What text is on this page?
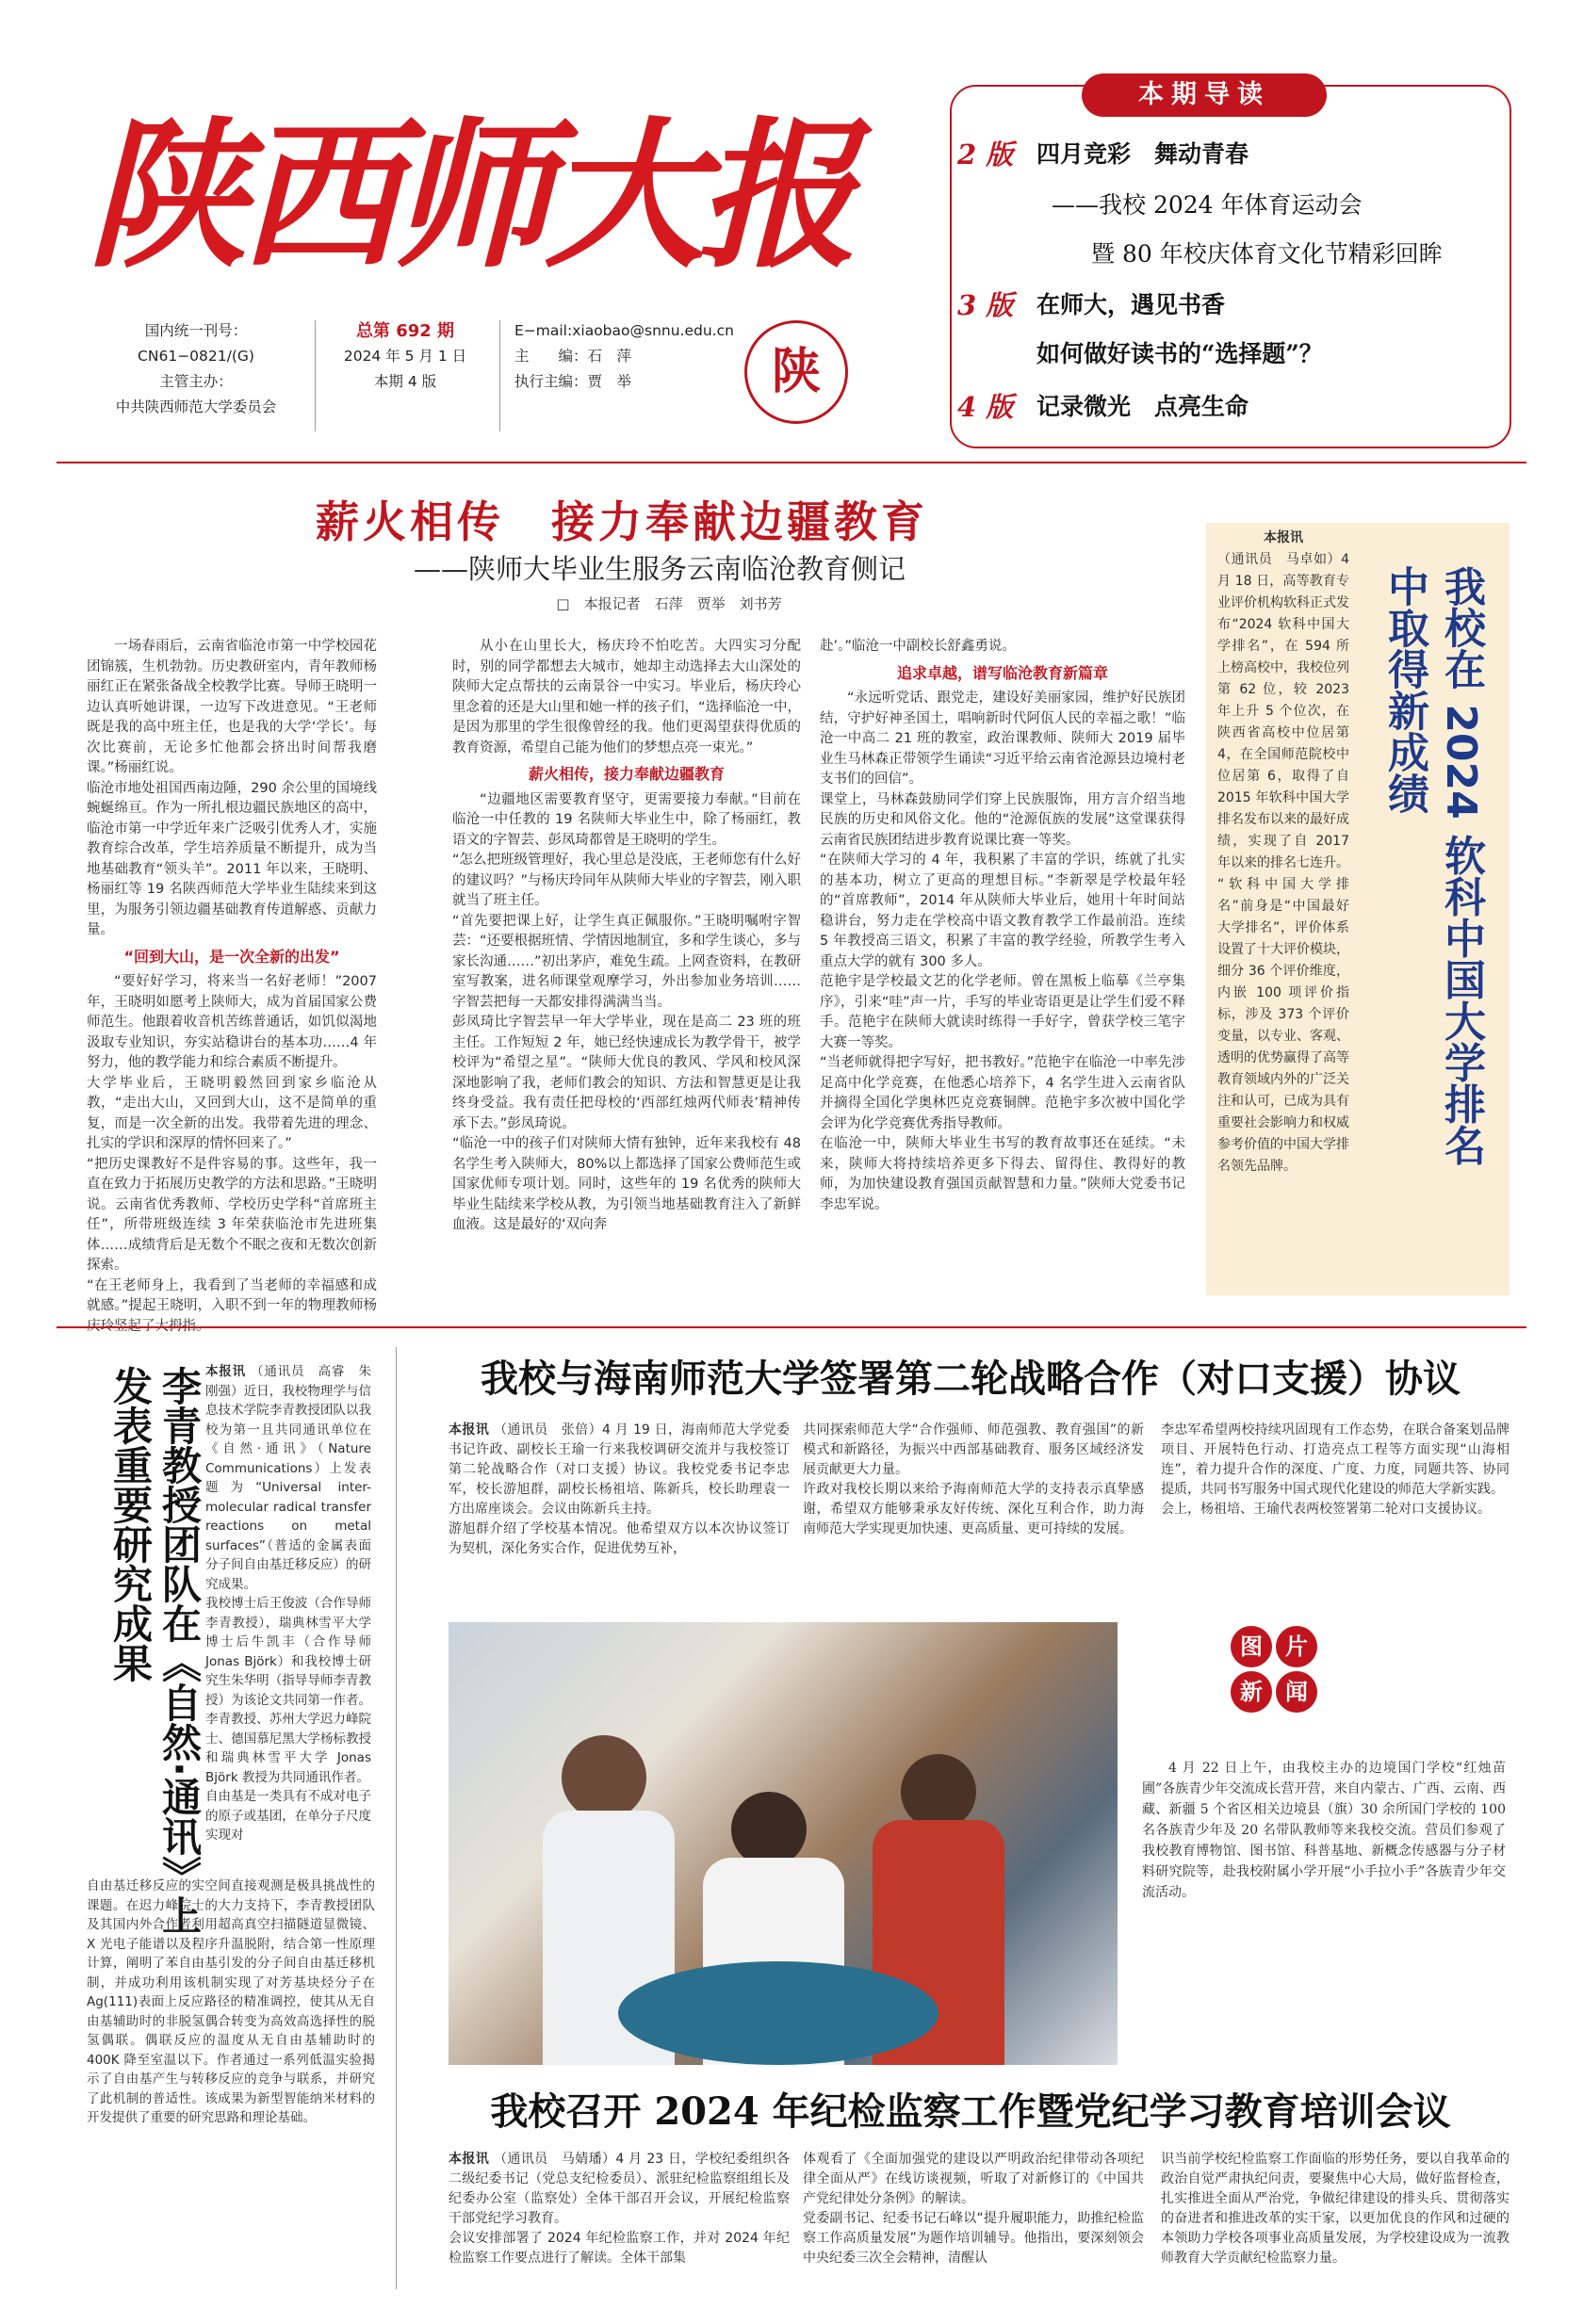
陕西师大报
国内统一刊号：
CN61−0821/(G)
主管主办：
中共陕西师范大学委员会
总第 692 期
2024 年 5 月 1 日
本期 4 版
E−mail:xiaobao@snnu.edu.cn
主　　编：石　萍
执行主编：贾　举	陕
本期导读
2 版 四月竞彩　舞动青春
——我校 2024 年体育运动会
暨 80 年校庆体育文化节精彩回眸
3 版 在师大，遇见书香
如何做好读书的“选择题”？
4 版 记录微光　点亮生命
薪火相传　接力奉献边疆教育
——陕师大毕业生服务云南临沧教育侧记
□　本报记者　石萍　贾举　刘书芳

一场春雨后，云南省临沧市第一中学校园花团锦簇，生机勃勃。历史教研室内，青年教师杨丽红正在紧张备战全校教学比赛。导师王晓明一边认真听她讲课，一边写下改进意见。“王老师既是我的高中班主任，也是我的大学‘学长’。每次比赛前，无论多忙他都会挤出时间帮我磨课。”杨丽红说。
临沧市地处祖国西南边陲，290 余公里的国境线蜿蜒绵亘。作为一所扎根边疆民族地区的高中，临沧市第一中学近年来广泛吸引优秀人才，实施教育综合改革，学生培养质量不断提升，成为当地基础教育“领头羊”。2011 年以来，王晓明、杨丽红等 19 名陕西师范大学毕业生陆续来到这里，为服务引领边疆基础教育传道解惑、贡献力量。

“回到大山，是一次全新的出发”

“要好好学习，将来当一名好老师！”2007 年，王晓明如愿考上陕师大，成为首届国家公费师范生。他跟着收音机苦练普通话，如饥似渴地汲取专业知识，夯实站稳讲台的基本功……4 年努力，他的教学能力和综合素质不断提升。
大学毕业后，王晓明毅然回到家乡临沧从教，“走出大山，又回到大山，这不是简单的重复，而是一次全新的出发。我带着先进的理念、扎实的学识和深厚的情怀回来了。”
“把历史课教好不是件容易的事。这些年，我一直在致力于拓展历史教学的方法和思路。”王晓明说。云南省优秀教师、学校历史学科“首席班主任”，所带班级连续 3 年荣获临沧市先进班集体……成绩背后是无数个不眠之夜和无数次创新探索。
“在王老师身上，我看到了当老师的幸福感和成就感。”提起王晓明，入职不到一年的物理教师杨

从小在山里长大，杨庆玲不怕吃苦。大四实习分配时，别的同学都想去大城市，她却主动选择去大山深处的陕师大定点帮扶的云南景谷一中实习。毕业后，杨庆玲心里念着的还是大山里和她一样的孩子们，“选择临沧一中，是因为那里的学生很像曾经的我。他们更渴望获得优质的教育资源，希望自己能为他们的梦想点亮一束光。”

薪火相传，接力奉献边疆教育

“边疆地区需要教育坚守，更需要接力奉献。”目前在临沧一中任教的 19 名陕师大毕业生中，除了杨丽红，教语文的字智芸、彭凤琦都曾是王晓明的学生。
“怎么把班级管理好，我心里总是没底，王老师您有什么好的建议吗？”与杨庆玲同年从陕师大毕业的字智芸，刚入职就当了班主任。
“首先要把课上好，让学生真正佩服你。”王晓明嘱咐字智芸：“还要根据班情、学情因地制宜，多和学生谈心，多与家长沟通……”初出茅庐，难免生疏。上网查资料，在教研室写教案，进名师课堂观摩学习，外出参加业务培训……字智芸把每一天都安排得满满当当。
彭凤琦比字智芸早一年大学毕业，现在是高二 23 班的班主任。工作短短 2 年，她已经快速成长为教学骨干，被学校评为“希望之星”。“陕师大优良的教风、学风和校风深深地影响了我，老师们教会的知识、方法和智慧更是让我终身受益。我有责任把母校的‘西部红烛两代师表’精神传承下去。”彭凤琦说。
“临沧一中的孩子们对陕师大情有独钟，近年来我校有 48 名学生考入陕师大，80%以上都选择了国家公费师范生或国家优师专项计划。同时，这些年的 19 名优秀的陕师大毕业生陆续来学校从教，为引领当地基础教育注入了新鲜血液。这是最好的‘双向奔

赴’。”临沧一中副校长舒鑫勇说。

追求卓越，谱写临沧教育新篇章

“永远听党话、跟党走，建设好美丽家园，维护好民族团结，守护好神圣国土，唱响新时代阿佤人民的幸福之歌！”临沧一中高二 21 班的教室，政治课教师、陕师大 2019 届毕业生马林森正带领学生诵读“习近平给云南省沧源县边境村老支书们的回信”。
课堂上，马林森鼓励同学们穿上民族服饰，用方言介绍当地民族的历史和风俗文化。他的“沧源佤族的发展”这堂课获得云南省民族团结进步教育说课比赛一等奖。
“在陕师大学习的 4 年，我积累了丰富的学识，练就了扎实的基本功，树立了更高的理想目标。”李新翠是学校最年轻的“首席教师”，2014 年从陕师大毕业后，她用十年时间站稳讲台，努力走在学校高中语文教育教学工作最前沿。连续 5 年教授高三语文，积累了丰富的教学经验，所教学生考入重点大学的就有 300 多人。
范艳宇是学校最文艺的化学老师。曾在黑板上临摹《兰亭集序》，引来“哇”声一片，手写的毕业寄语更是让学生们爱不释手。范艳宇在陕师大就读时练得一手好字，曾获学校三笔字大赛一等奖。
“当老师就得把字写好，把书教好。”范艳宇在临沧一中率先涉足高中化学竞赛，在他悉心培养下，4 名学生进入云南省队并摘得全国化学奥林匹克竞赛铜牌。范艳宇多次被中国化学会评为化学竞赛优秀指导教师。
在临沧一中，陕师大毕业生书写的教育故事还在延续。“未来，陕师大将持续培养更多下得去、留得住、教得好的教师，为加快建设教育强国贡献智慧和力量。”陕师大党委书记李忠军说。

本报讯

（通讯员　马卓如）4 月 18 日，高等教育专业评价机构软科正式发布“2024 软科中国大学排名”，在 594 所上榜高校中，我校位列第 62 位，较 2023 年上升 5 个位次，在陕西省高校中位居第 4，在全国师范院校中位居第 6，取得了自 2015 年软科中国大学排名发布以来的最好成绩，实现了自 2017 年以来的排名七连升。
“软科中国大学排名”前身是“中国最好大学排名”，评价体系设置了十大评价模块，细分 36 个评价维度，内嵌 100 项评价指标，涉及 373 个评价变量，以专业、客观、透明的优势赢得了高等教育领域内外的广泛关注和认可，已成为具有重要社会影响力和权威参考价值的中国大学排名领先品牌。

我校在 2024 软科中国大学排名中取得新成绩
李青教授团队在《自然·通讯》上发表重要研究成果	本报讯 （通讯员　高睿　朱刚强）近日，我校物理学与信息技术学院李青教授团队以我校为第一且共同通讯单位在《自然·通讯》（Nature Communications）上发表题为“Universal inter-molecular radical transfer reactions on metal surfaces”（普适的金属表面分子间自由基迁移反应）的研究成果。
我校博士后王俊波（合作导师李青教授），瑞典林雪平大学博士后牛凯丰（合作导师 Jonas Björk）和我校博士研究生朱华明（指导导师李青教授）为该论文共同第一作者。李青教授、苏州大学迟力峰院士、德国慕尼黑大学杨标教授和瑞典林雪平大学 Jonas Björk 教授为共同通讯作者。
自由基是一类具有不成对电子的原子或基团，在单分子尺度实现对

自由基迁移反应的实空间直接观测是极具挑战性的课题。在迟力峰院士的大力支持下，李青教授团队及其国内外合作者利用超高真空扫描隧道显微镜、X 光电子能谱以及程序升温脱附，结合第一性原理计算，阐明了苯自由基引发的分子间自由基迁移机制，并成功利用该机制实现了对芳基块烃分子在 Ag(111)表面上反应路径的精准调控，使其从无自由基辅助时的非脱氢偶合转变为高效高选择性的脱氢偶联。偶联反应的温度从无自由基辅助时的 400K 降至室温以下。作者通过一系列低温实验揭示了自由基产生与转移反应的竞争与联系，并研究了此机制的普适性。该成果为新型智能纳米材料的开发提供了重要的研究思路和理论基础。

我校与海南师范大学签署第二轮战略合作（对口支援）协议
本报讯 （通讯员　张倍）4 月 19 日，海南师范大学党委书记许政、副校长王瑜一行来我校调研交流并与我校签订第二轮战略合作（对口支援）协议。我校党委书记李忠军，校长游旭群，副校长杨祖培、陈新兵，校长助理袁一方出席座谈会。会议由陈新兵主持。
游旭群介绍了学校基本情况。他希望双方以本次协议签订为契机，深化务实合作，促进优势互补，

共同探索师范大学“合作强师、师范强教、教育强国”的新模式和新路径，为振兴中西部基础教育、服务区域经济发展贡献更大力量。
许政对我校长期以来给予海南师范大学的支持表示真挚感谢，希望双方能够秉承友好传统、深化互利合作，助力海南师范大学实现更加快速、更高质量、更可持续的发展。

李忠军希望两校持续巩固现有工作态势，在联合备案划品牌项目、开展特色行动、打造亮点工程等方面实现“山海相连”，着力提升合作的深度、广度、力度，同题共答、协同提质，共同书写服务中国式现代化建设的师范大学新实践。
会上，杨祖培、王瑜代表两校签署第二轮对口支援协议。

图	片
新	闻

4 月 22 日上午，由我校主办的边境国门学校“红烛苗圃”各族青少年交流成长营开营，来自内蒙古、广西、云南、西藏、新疆 5 个省区相关边境县（旗）30 余所国门学校的 100 名各族青少年及 20 名带队教师等来我校交流。营员们参观了我校教育博物馆、图书馆、科普基地、新概念传感器与分子材料研究院等，赴我校附属小学开展“小手拉小手”各族青少年交流活动。

我校召开 2024 年纪检监察工作暨党纪学习教育培训会议
本报讯 （通讯员　马婧璠）4 月 23 日，学校纪委组织各二级纪委书记（党总支纪检委员）、派驻纪检监察组组长及纪委办公室（监察处）全体干部召开会议，开展纪检监察干部党纪学习教育。
会议安排部署了 2024 年纪检监察工作，并对 2024 年纪检监察工作要点进行了解读。全体干部集

体观看了《全面加强党的建设以严明政治纪律带动各项纪律全面从严》在线访谈视频，听取了对新修订的《中国共产党纪律处分条例》的解读。
党委副书记、纪委书记石峰以“提升履职能力，助推纪检监察工作高质量发展”为题作培训辅导。他指出，要深刻领会中央纪委三次全会精神，清醒认

识当前学校纪检监察工作面临的形势任务，要以自我革命的政治自觉严肃执纪问责，要聚焦中心大局，做好监督检查，扎实推进全面从严治党，争做纪律建设的排头兵、贯彻落实的奋进者和推进改革的实干家，以更加优良的作风和过硬的本领助力学校各项事业高质量发展，为学校建设成为一流教师教育大学贡献纪检监察力量。
